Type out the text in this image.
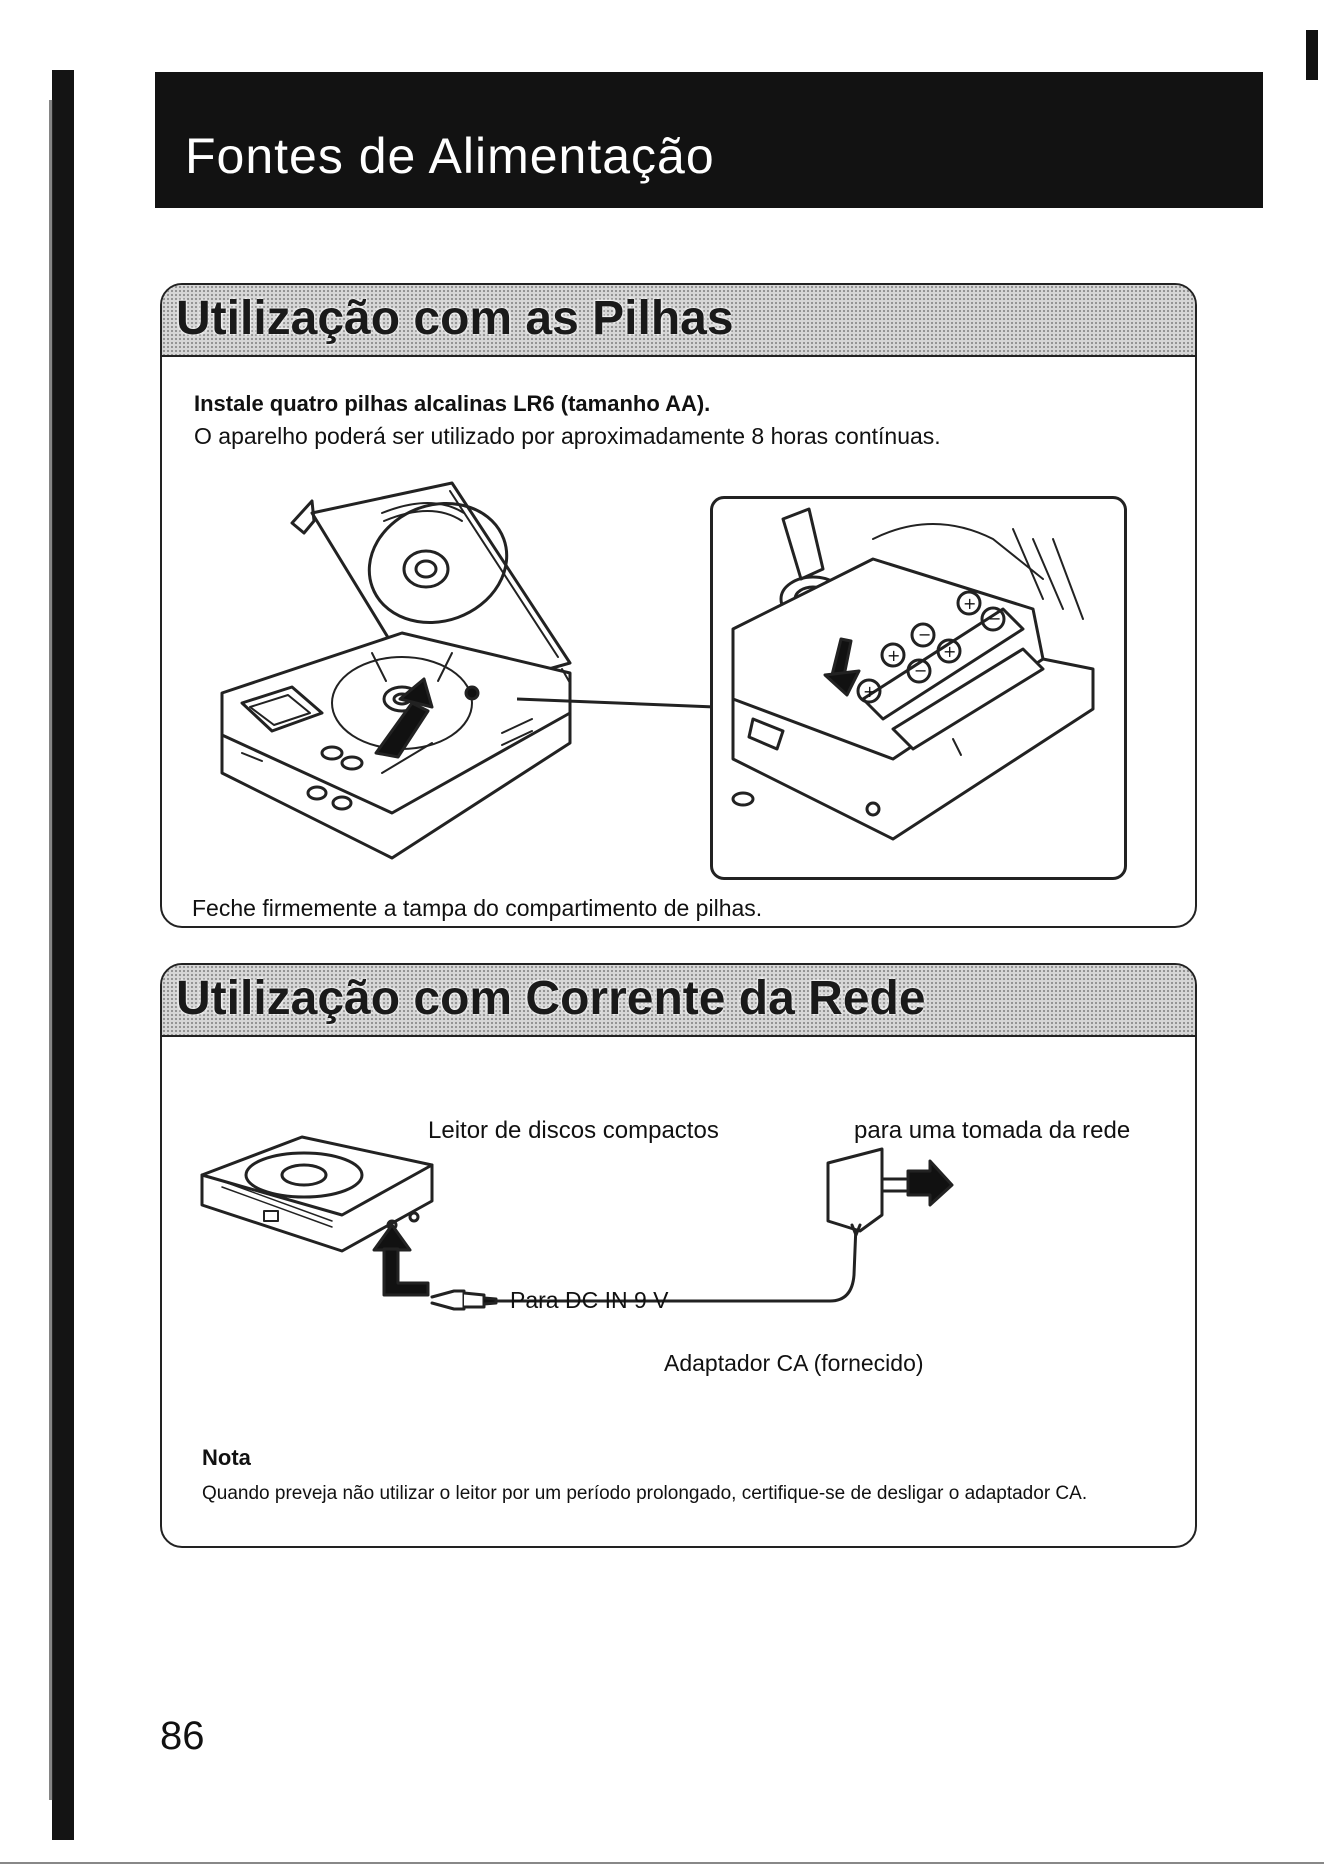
Fontes de Alimentação
Utilização com as Pilhas
Instale quatro pilhas alcalinas LR6 (tamanho AA).
O aparelho poderá ser utilizado por aproximadamente 8 horas contínuas.
+
−
+	+
−
+
−
Feche firmemente a tampa do compartimento de pilhas.
Utilização com Corrente da Rede
Leitor de discos compactos	para uma tomada da rede
Para DC IN 9 V
Adaptador CA (fornecido)
Nota
Quando preveja não utilizar o leitor por um período prolongado, certifique-se de desligar o adaptador CA.
86
